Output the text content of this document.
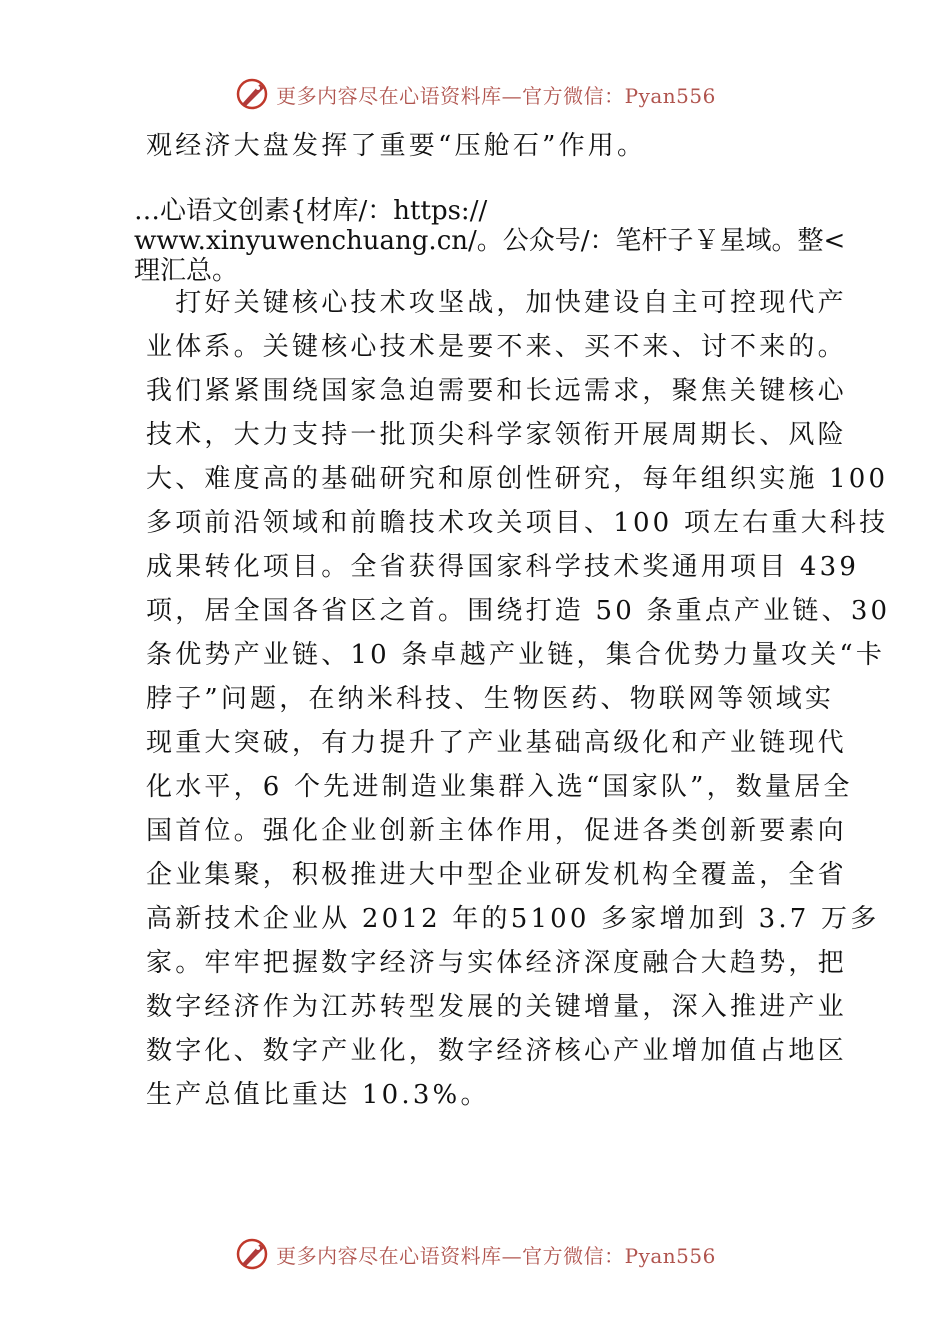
更多内容尽在心语资料库—官方微信：Pyan556
观经济大盘发挥了重要“压舱石”作用。
…心语文创素{材库/：https://
www.xinyuwenchuang.cn/。公众号/：笔杆子￥星域。整<
理汇总。
　打好关键核心技术攻坚战，加快建设自主可控现代产
业体系。关键核心技术是要不来、买不来、讨不来的。
我们紧紧围绕国家急迫需要和长远需求，聚焦关键核心
技术，大力支持一批顶尖科学家领衔开展周期长、风险
大、难度高的基础研究和原创性研究，每年组织实施 100
多项前沿领域和前瞻技术攻关项目、100 项左右重大科技
成果转化项目。全省获得国家科学技术奖通用项目 439
项，居全国各省区之首。围绕打造 50 条重点产业链、30
条优势产业链、10 条卓越产业链，集合优势力量攻关“卡
脖子”问题，在纳米科技、生物医药、物联网等领域实
现重大突破，有力提升了产业基础高级化和产业链现代
化水平，6 个先进制造业集群入选“国家队”，数量居全
国首位。强化企业创新主体作用，促进各类创新要素向
企业集聚，积极推进大中型企业研发机构全覆盖，全省
高新技术企业从 2012 年的5100 多家增加到 3.7 万多
家。牢牢把握数字经济与实体经济深度融合大趋势，把
数字经济作为江苏转型发展的关键增量，深入推进产业
数字化、数字产业化，数字经济核心产业增加值占地区
生产总值比重达 10.3%。
更多内容尽在心语资料库—官方微信：Pyan556
